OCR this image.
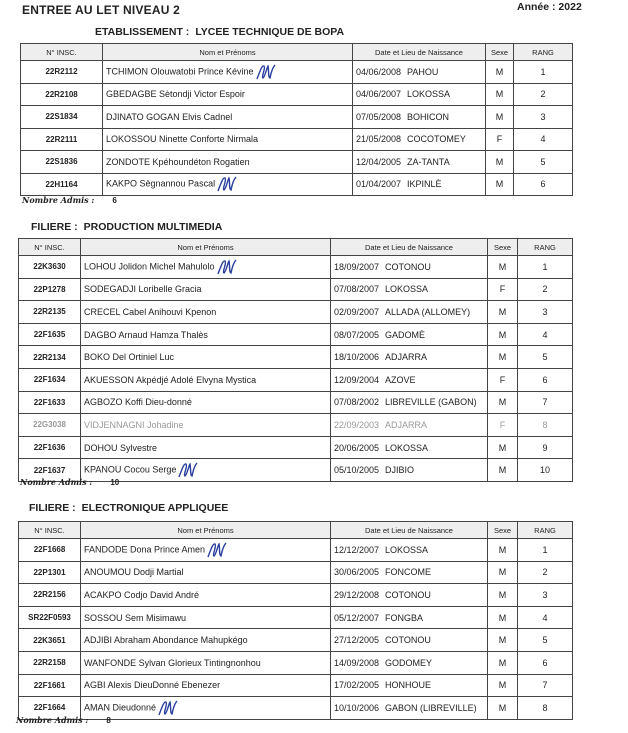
ENTREE AU LET NIVEAU 2	Année : 2022
ETABLISSEMENT : LYCEE TECHNIQUE DE BOPA
N° INSC.	Nom et Prénoms	Date et Lieu de Naissance	Sexe	RANG
22R2112	TCHIMON Olouwatobi Prince Kévine	04/06/2008 PAHOU	M	1
22R2108	GBEDAGBE Sètondji Victor Espoir	04/06/2007 LOKOSSA	M	2
22S1834	DJINATO GOGAN Elvis Cadnel	07/05/2008 BOHICON	M	3
22R2111	LOKOSSOU Ninette Conforte Nirmala	21/05/2008 COCOTOMEY	F	4
22S1836	ZONDOTE Kpéhoundéton Rogatien	12/04/2005 ZA-TANTA	M	5
22H1164	KAKPO Sègnannou Pascal	01/04/2007 IKPINLÈ	M	6
Nombre Admis : 6
FILIERE : PRODUCTION MULTIMEDIA
N° INSC.	Nom et Prénoms	Date et Lieu de Naissance	Sexe	RANG
22K3630	LOHOU Jolidon Michel Mahulolo	18/09/2007 COTONOU	M	1
22P1278	SODEGADJI Loribelle Gracia	07/08/2007 LOKOSSA	F	2
22R2135	CRECEL Cabel Anihouvi Kpenon	02/09/2007 ALLADA (ALLOMEY)	M	3
22F1635	DAGBO Arnaud Hamza Thalès	08/07/2005 GADOMÈ	M	4
22R2134	BOKO Del Ortiniel Luc	18/10/2006 ADJARRA	M	5
22F1634	AKUESSON Akpédjé Adolé Elvyna Mystica	12/09/2004 AZOVE	F	6
22F1633	AGBOZO Koffi Dieu-donné	07/08/2002 LIBREVILLE (GABON)	M	7
22G3038	VIDJENNAGNI Johadine	22/09/2003 ADJARRA	F	8
22F1636	DOHOU Sylvestre	20/06/2005 LOKOSSA	M	9
22F1637	KPANOU Cocou Serge	05/10/2005 DJIBIO	M	10
Nombre Admis : 10
FILIERE : ELECTRONIQUE APPLIQUEE
N° INSC.	Nom et Prénoms	Date et Lieu de Naissance	Sexe	RANG
22F1668	FANDODE Dona Prince Amen	12/12/2007 LOKOSSA	M	1
22P1301	ANOUMOU Dodji Martial	30/06/2005 FONCOME	M	2
22R2156	ACAKPO Codjo David André	29/12/2008 COTONOU	M	3
SR22F0593	SOSSOU Sem Misimawu	05/12/2007 FONGBA	M	4
22K3651	ADJIBI Abraham Abondance Mahupkégo	27/12/2005 COTONOU	M	5
22R2158	WANFONDE Sylvan Glorieux Tintingnonhou	14/09/2008 GODOMEY	M	6
22F1661	AGBI Alexis DieuDonné Ebenezer	17/02/2005 HONHOUE	M	7
22F1664	AMAN Dieudonné	10/10/2006 GABON (LIBREVILLE)	M	8
Nombre Admis : 8
